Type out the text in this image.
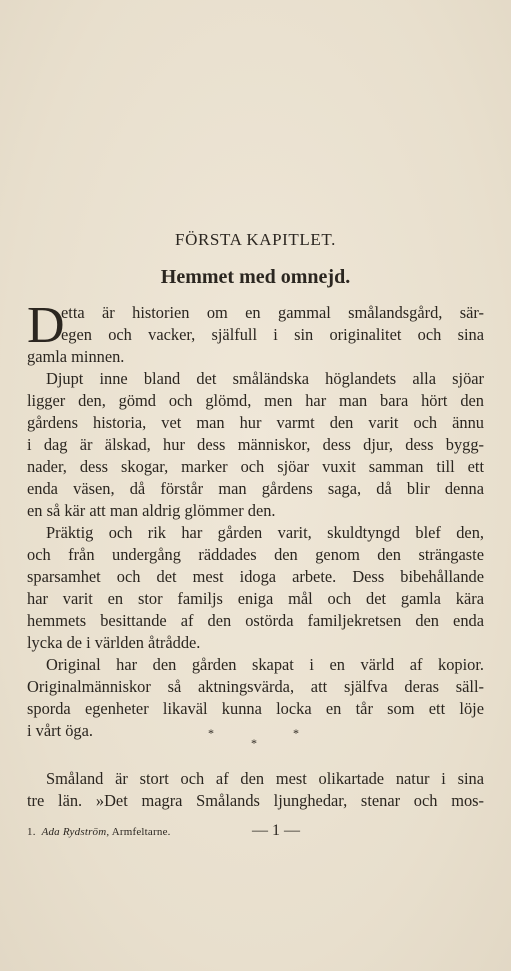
FÖRSTA KAPITLET.
Hemmet med omnejd.
D
etta är historien om en gammal smålandsgård, sär-
egen och vacker, själfull i sin originalitet och sina
gamla minnen.
Djupt inne bland det småländska höglandets alla sjöar
ligger den, gömd och glömd, men har man bara hört den
gårdens historia, vet man hur varmt den varit och ännu
i dag är älskad, hur dess människor, dess djur, dess bygg-
nader, dess skogar, marker och sjöar vuxit samman till ett
enda väsen, då förstår man gårdens saga, då blir denna
en så kär att man aldrig glömmer den.
Präktig och rik har gården varit, skuldtyngd blef den,
och från undergång räddades den genom den strängaste
sparsamhet och det mest idoga arbete. Dess bibehållande
har varit en stor familjs eniga mål och det gamla kära
hemmets besittande af den ostörda familjekretsen den enda
lycka de i världen åtrådde.
Original har den gården skapat i en värld af kopior.
Originalmänniskor så aktningsvärda, att själfva deras säll-
sporda egenheter likaväl kunna locka en tår som ett löje
i vårt öga.	*	*
*
Småland är stort och af den mest olikartade natur i sina
tre län. »Det magra Smålands ljunghedar, stenar och mos-
1. Ada Rydström, Armfeltarne.	— 1 —
